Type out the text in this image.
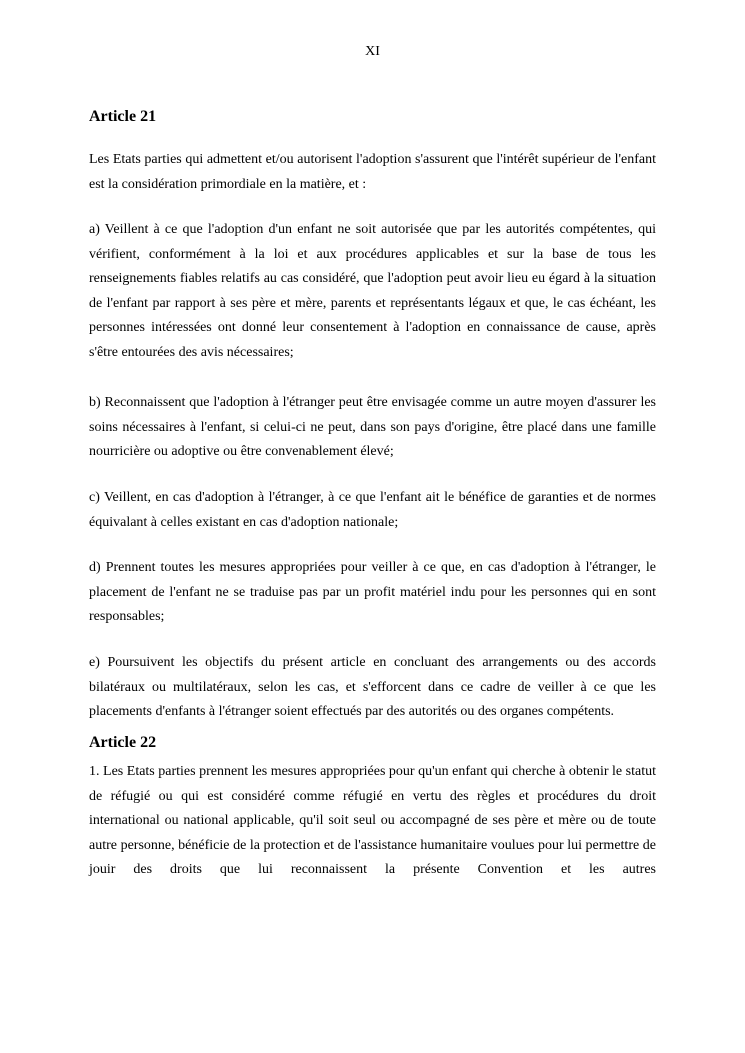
XI
Article 21

Les Etats parties qui admettent et/ou autorisent l'adoption s'assurent que l'intérêt supérieur de l'enfant est la considération primordiale en la matière, et :

a) Veillent à ce que l'adoption d'un enfant ne soit autorisée que par les autorités compétentes, qui vérifient, conformément à la loi et aux procédures applicables et sur la base de tous les renseignements fiables relatifs au cas considéré, que l'adoption peut avoir lieu eu égard à la situation de l'enfant par rapport à ses père et mère, parents et représentants légaux et que, le cas échéant, les personnes intéressées ont donné leur consentement à l'adoption en connaissance de cause, après s'être entourées des avis nécessaires;

b) Reconnaissent que l'adoption à l'étranger peut être envisagée comme un autre moyen d'assurer les soins nécessaires à l'enfant, si celui-ci ne peut, dans son pays d'origine, être placé dans une famille nourricière ou adoptive ou être convenablement élevé;

c) Veillent, en cas d'adoption à l'étranger, à ce que l'enfant ait le bénéfice de garanties et de normes équivalant à celles existant en cas d'adoption nationale;

d) Prennent toutes les mesures appropriées pour veiller à ce que, en cas d'adoption à l'étranger, le placement de l'enfant ne se traduise pas par un profit matériel indu pour les personnes qui en sont responsables;

e) Poursuivent les objectifs du présent article en concluant des arrangements ou des accords bilatéraux ou multilatéraux, selon les cas, et s'efforcent dans ce cadre de veiller à ce que les placements d'enfants à l'étranger soient effectués par des autorités ou des organes compétents.

Article 22

1. Les Etats parties prennent les mesures appropriées pour qu'un enfant qui cherche à obtenir le statut de réfugié ou qui est considéré comme réfugié en vertu des règles et procédures du droit international ou national applicable, qu'il soit seul ou accompagné de ses père et mère ou de toute autre personne, bénéficie de la protection et de l'assistance humanitaire voulues pour lui permettre de jouir des droits que lui reconnaissent la présente Convention et les autres
